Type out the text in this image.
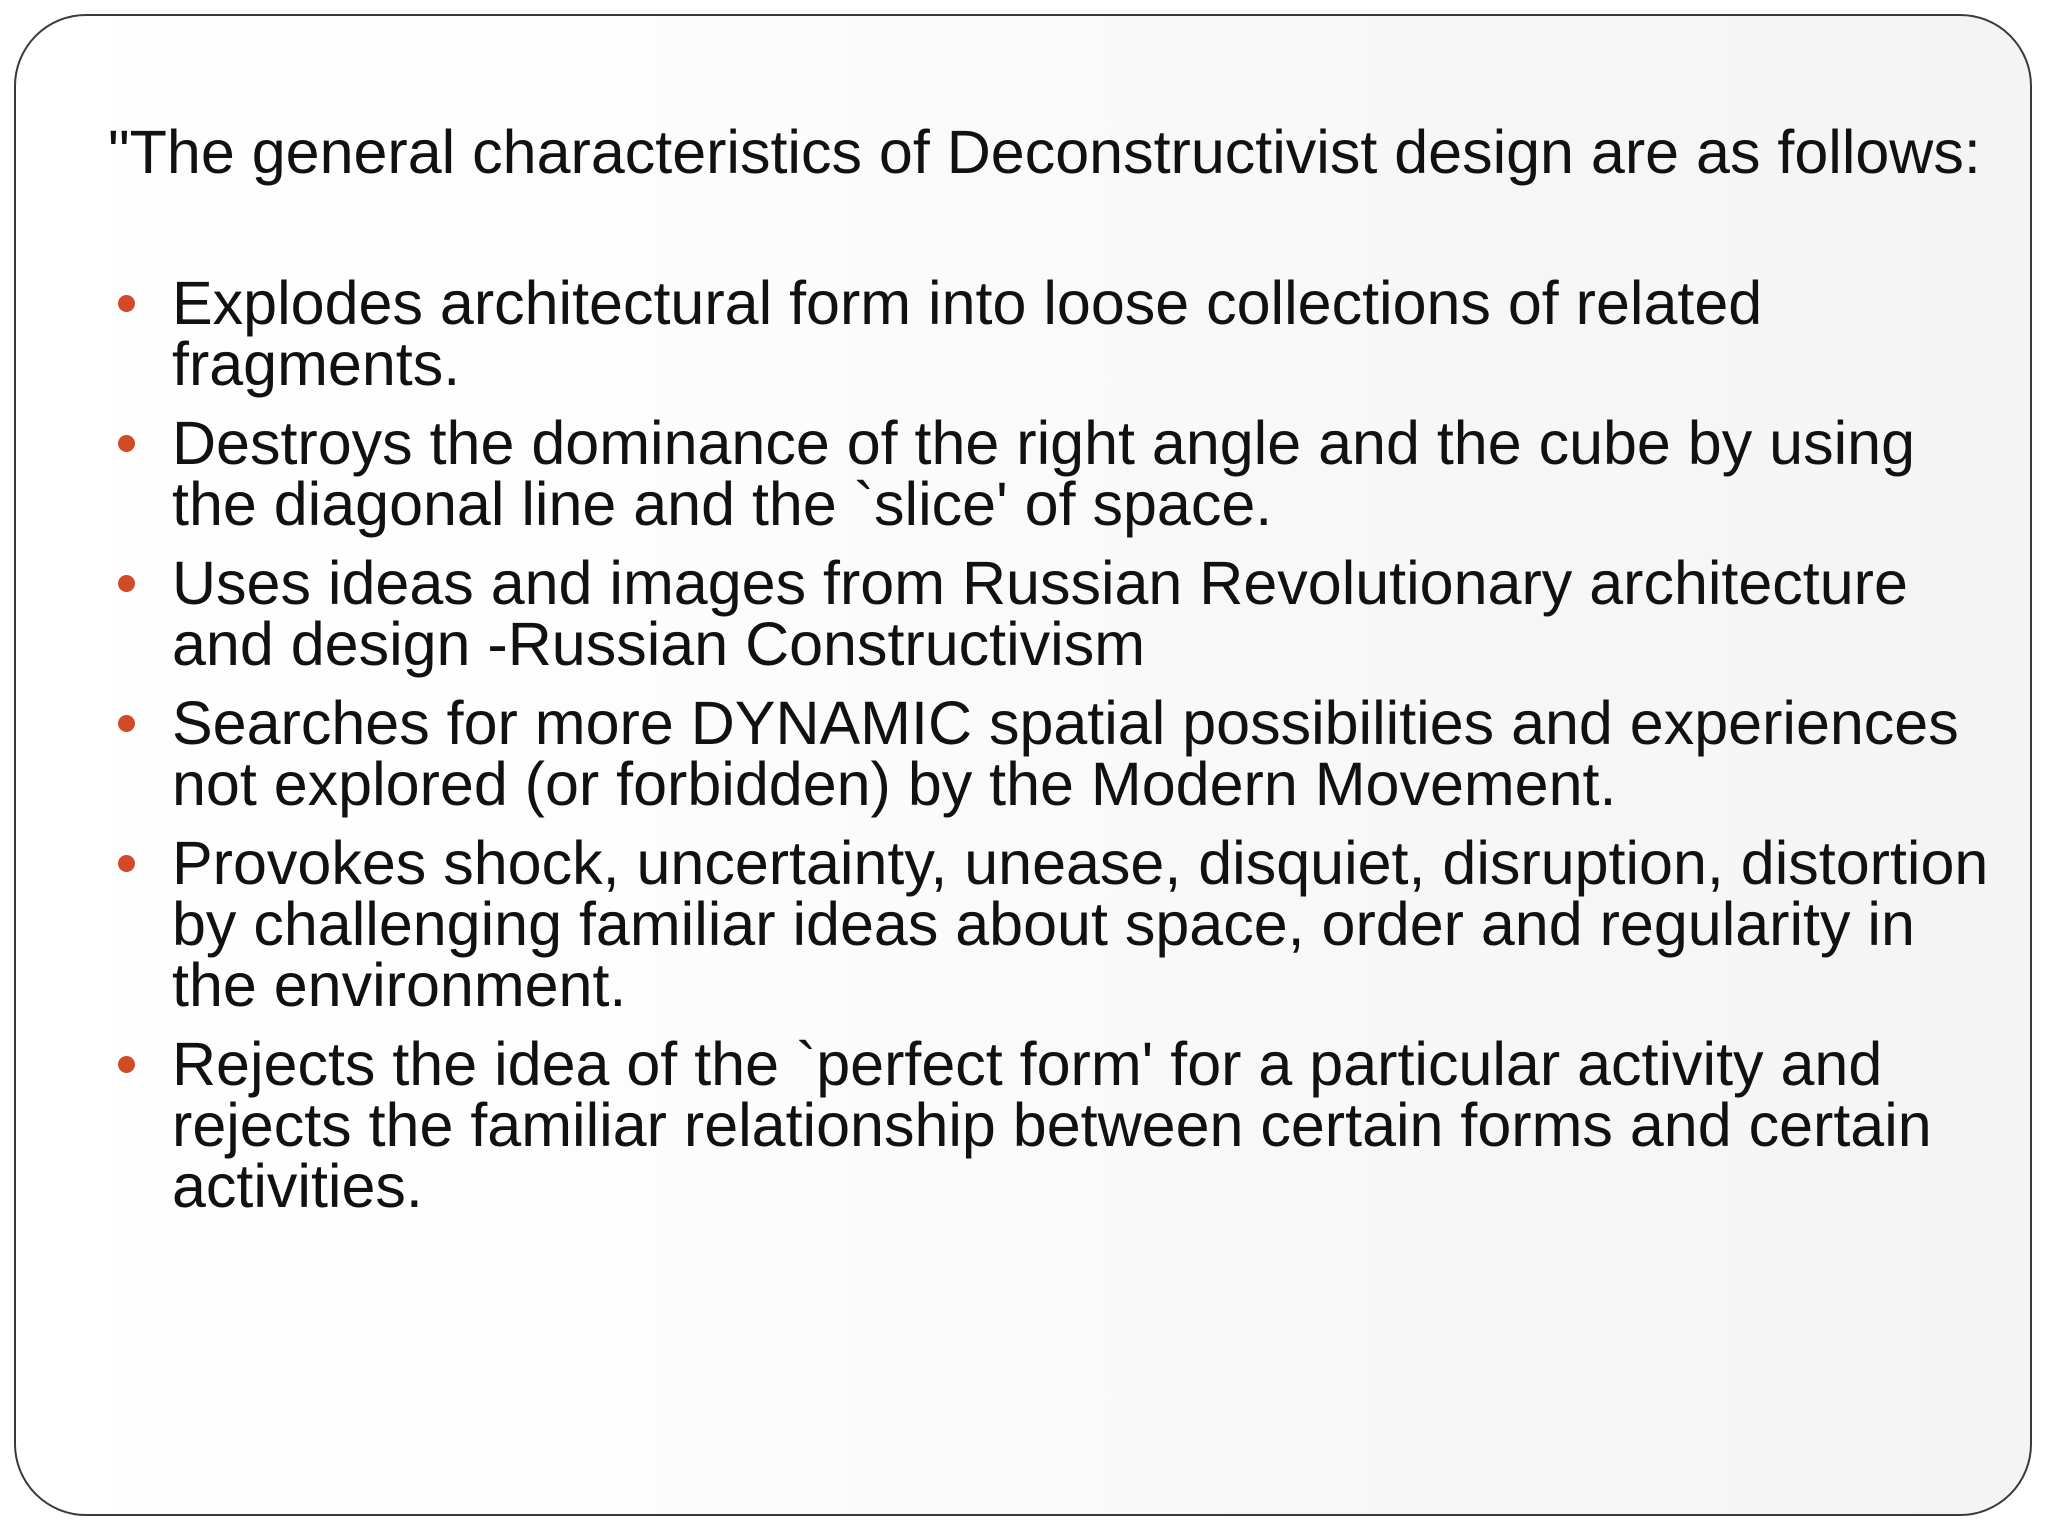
"The general characteristics of Deconstructivist design are as follows:
Explodes architectural form into loose collections of related
fragments.
Destroys the dominance of the right angle and the cube by using
the diagonal line and the `slice' of space.
Uses ideas and images from Russian Revolutionary architecture
and design -Russian Constructivism
Searches for more DYNAMIC spatial possibilities and experiences
not explored (or forbidden) by the Modern Movement.
Provokes shock, uncertainty, unease, disquiet, disruption, distortion
by challenging familiar ideas about space, order and regularity in
the environment.
Rejects the idea of the `perfect form' for a particular activity and
rejects the familiar relationship between certain forms and certain
activities.
